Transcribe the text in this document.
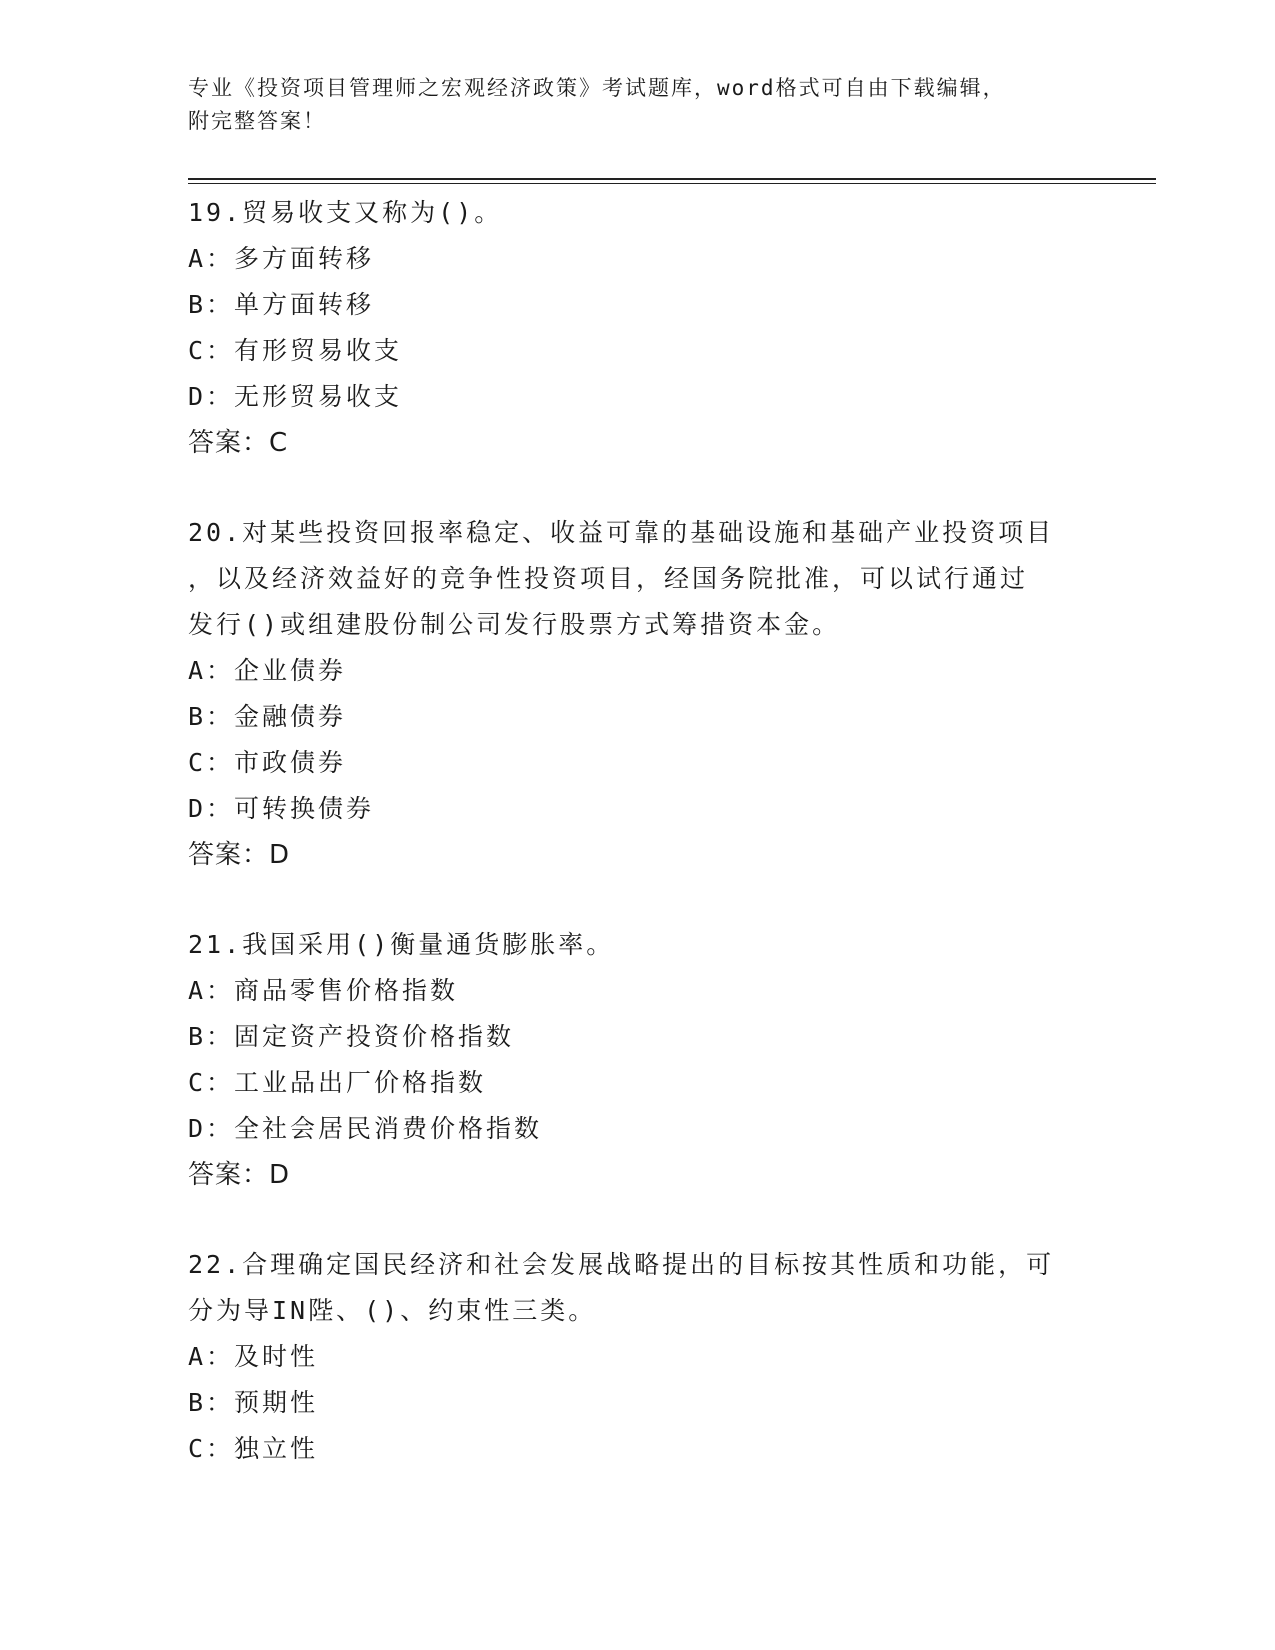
专业《投资项目管理师之宏观经济政策》考试题库，word格式可自由下载编辑，
附完整答案！
19.贸易收支又称为()。
A：多方面转移
B：单方面转移
C：有形贸易收支
D：无形贸易收支
答案：C
20.对某些投资回报率稳定、收益可靠的基础设施和基础产业投资项目
，以及经济效益好的竞争性投资项目，经国务院批准，可以试行通过
发行()或组建股份制公司发行股票方式筹措资本金。
A：企业债券
B：金融债券
C：市政债券
D：可转换债券
答案：D
21.我国采用()衡量通货膨胀率。
A：商品零售价格指数
B：固定资产投资价格指数
C：工业品出厂价格指数
D：全社会居民消费价格指数
答案：D
22.合理确定国民经济和社会发展战略提出的目标按其性质和功能，可
分为导IN陛、()、约束性三类。
A：及时性
B：预期性
C：独立性
